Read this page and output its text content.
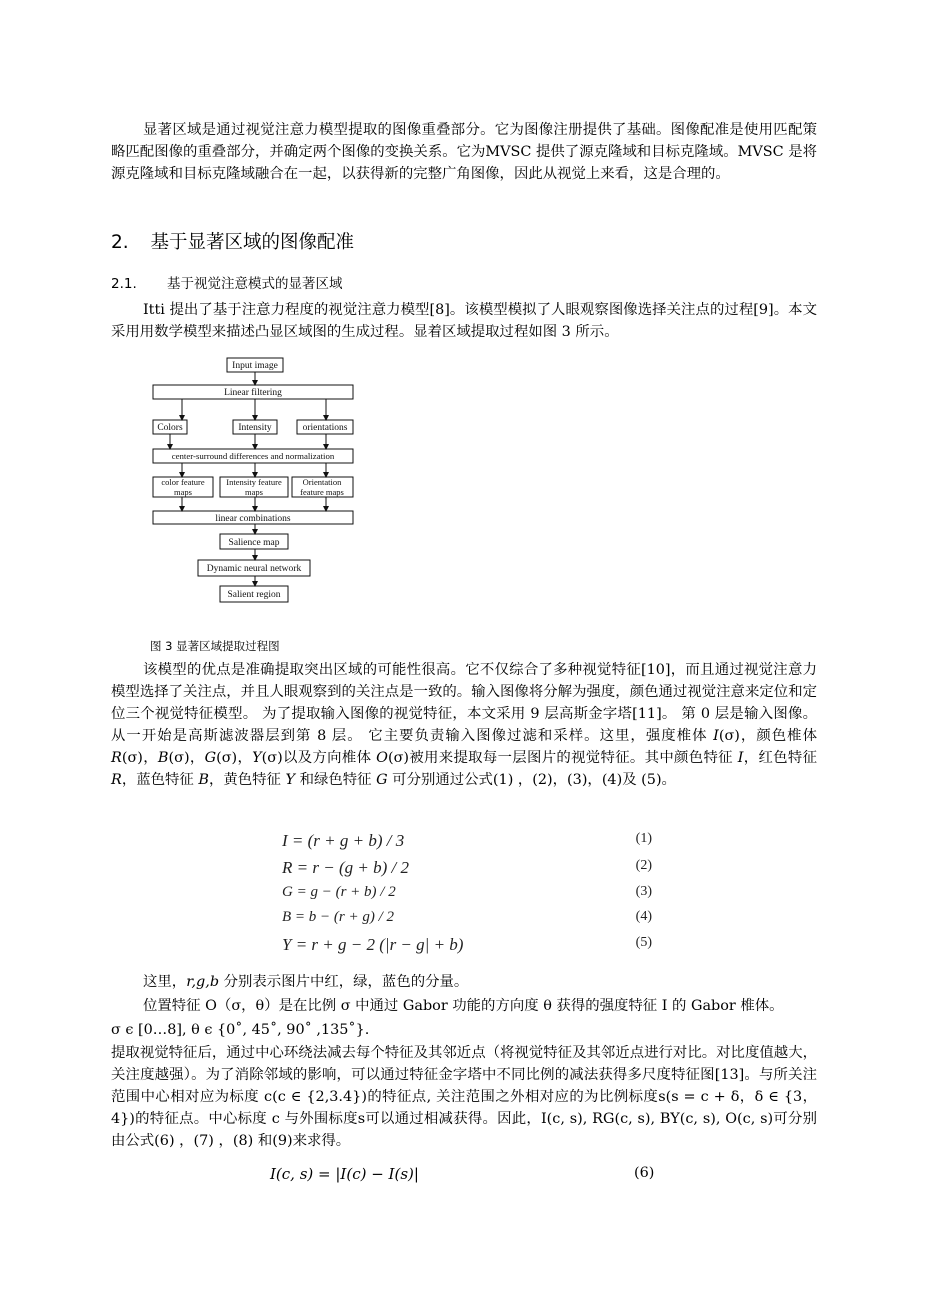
显著区域是通过视觉注意力模型提取的图像重叠部分。它为图像注册提供了基础。图像配准是使用匹配策略匹配图像的重叠部分，并确定两个图像的变换关系。它为MVSC 提供了源克隆域和目标克隆域。MVSC 是将源克隆域和目标克隆域融合在一起，以获得新的完整广角图像，因此从视觉上来看，这是合理的。

2. 基于显著区域的图像配准
2.1. 基于视觉注意模式的显著区域

Itti 提出了基于注意力程度的视觉注意力模型[8]。该模型模拟了人眼观察图像选择关注点的过程[9]。本文采用用数学模型来描述凸显区域图的生成过程。显着区域提取过程如图 3 所示。

Input image
Linear filtering
Colors	Intensity	orientations
center-surround differences and normalization
color feature
maps
Intensity feature
maps
Orientation
feature maps
linear combinations
Salience map
Dynamic neural network
Salient region
图 3 显著区域提取过程图

该模型的优点是准确提取突出区域的可能性很高。它不仅综合了多种视觉特征[10]，而且通过视觉注意力模型选择了关注点，并且人眼观察到的关注点是一致的。输入图像将分解为强度，颜色通过视觉注意来定位和定位三个视觉特征模型。 为了提取输入图像的视觉特征，本文采用 9 层高斯金字塔[11]。 第 0 层是输入图像。 从一开始是高斯滤波器层到第 8 层。 它主要负责输入图像过滤和采样。这里，强度椎体 I(σ)，颜色椎体 R(σ)，B(σ)，G(σ)，Y(σ)以及方向椎体 O(σ)被用来提取每一层图片的视觉特征。其中颜色特征 I，红色特征 R，蓝色特征 B，黄色特征 Y 和绿色特征 G 可分别通过公式(1) ，(2)，(3)，(4)及 (5)。

I = (r + g + b) / 3	(1)
R = r − (g + b) / 2	(2)
G = g − (r + b) / 2	(3)
B = b − (r + g) / 2	(4)
Y = r + g − 2 (|r − g| + b)	(5)

这里，r,g,b 分别表示图片中红，绿，蓝色的分量。

位置特征 O（σ，θ）是在比例 σ 中通过 Gabor 功能的方向度 θ 获得的强度特征 I 的 Gabor 椎体。

σ ϵ [0…8], θ ϵ {0˚, 45˚, 90˚ ,135˚}.

提取视觉特征后，通过中心环绕法减去每个特征及其邻近点（将视觉特征及其邻近点进行对比。对比度值越大，关注度越强）。为了消除邻域的影响，可以通过特征金字塔中不同比例的减法获得多尺度特征图[13]。与所关注范围中心相对应为标度 c(c ∈ {2,3.4})的特征点, 关注范围之外相对应的为比例标度s(s = c + δ，δ ∈ {3，4})的特征点。中心标度 c 与外围标度s可以通过相减获得。因此，I(c, s), RG(c, s), BY(c, s), O(c, s)可分别由公式(6) ，(7) ，(8) 和(9)来求得。

I(c, s) = |I(c) − I(s)|	(6)
